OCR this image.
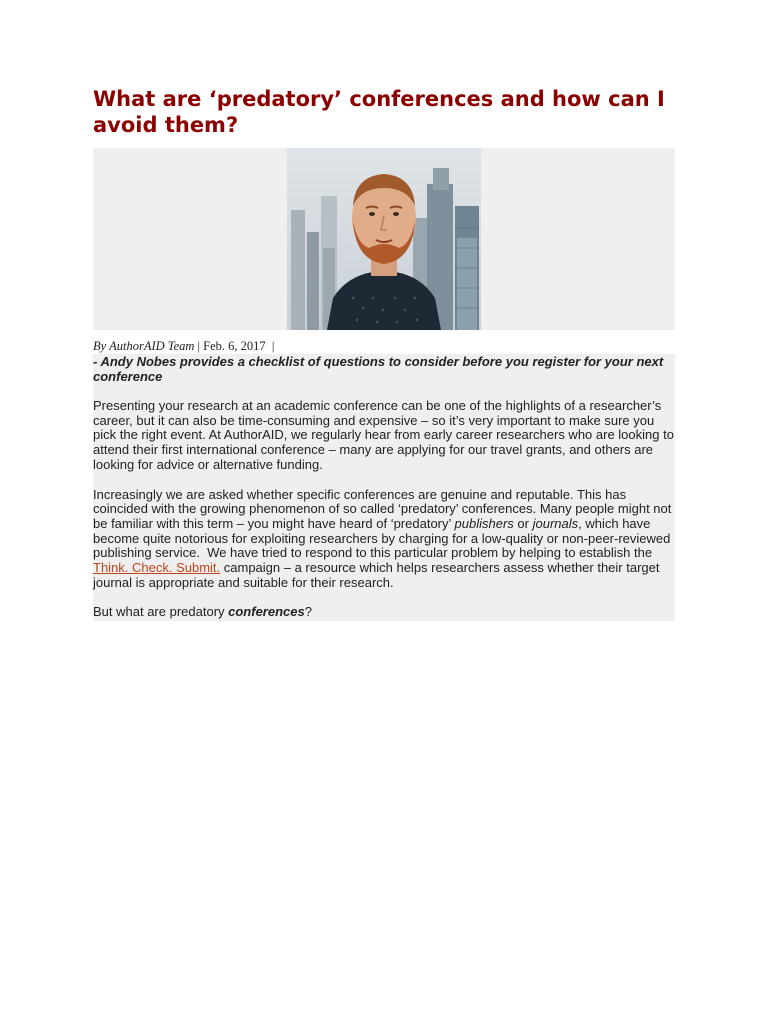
What are ‘predatory’ conferences and how can I avoid them?
By AuthorAID Team | Feb. 6, 2017  |

- Andy Nobes provides a checklist of questions to consider before you register for your next conference

Presenting your research at an academic conference can be one of the highlights of a researcher’s career, but it can also be time-consuming and expensive – so it’s very important to make sure you pick the right event. At AuthorAID, we regularly hear from early career researchers who are looking to attend their first international conference – many are applying for our travel grants, and others are looking for advice or alternative funding.

Increasingly we are asked whether specific conferences are genuine and reputable. This has coincided with the growing phenomenon of so called ‘predatory’ conferences. Many people might not be familiar with this term – you might have heard of ‘predatory’ publishers or journals, which have become quite notorious for exploiting researchers by charging for a low-quality or non-peer-reviewed publishing service.  We have tried to respond to this particular problem by helping to establish the Think. Check. Submit. campaign – a resource which helps researchers assess whether their target journal is appropriate and suitable for their research.

But what are predatory conferences?
